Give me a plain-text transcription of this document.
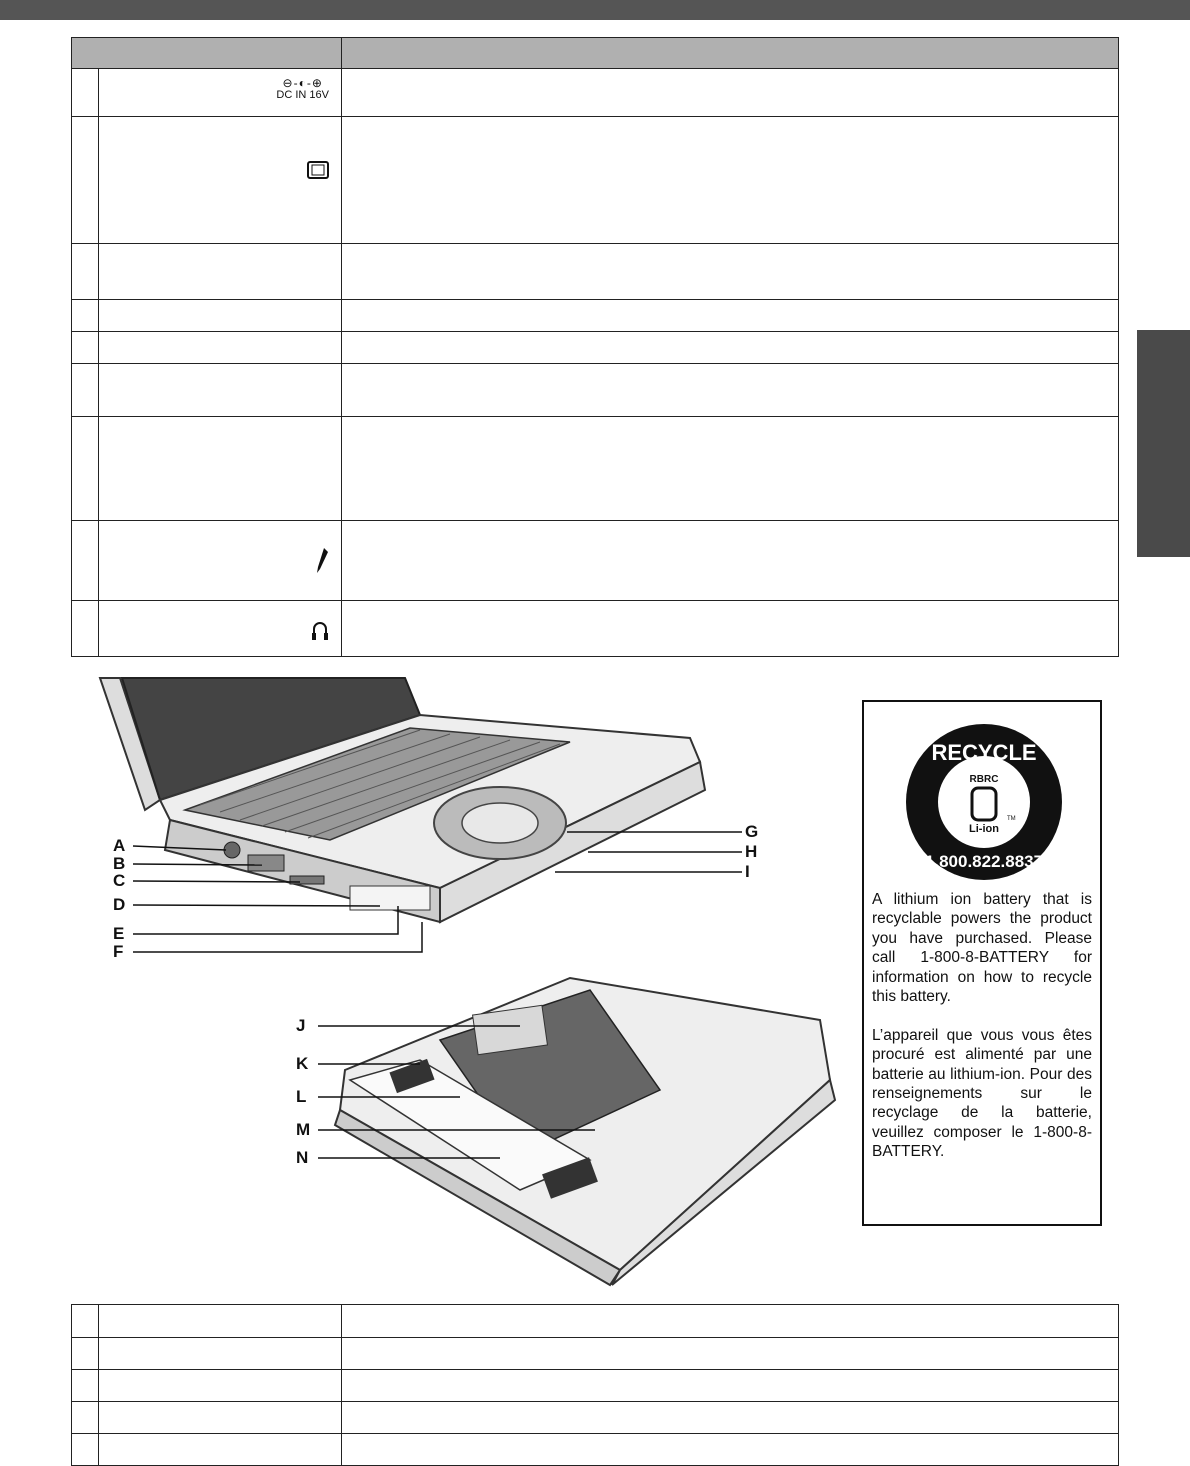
	⊖-◐-⊕
DC IN 16V	

A
B
C
D
E
F
G
H
I
J
K
L
M
N
RECYCLE
RBRC
Li-ion
TM
1.800.822.8837
A lithium ion battery that is recyclable powers the product you have purchased. Please call 1-800-8-BATTERY for information on how to recycle this battery.

L’appareil que vous vous êtes procuré est alimenté par une batterie au lithium-ion. Pour des renseignements sur le recyclage de la batterie, veuillez composer le 1-800-8-BATTERY.
